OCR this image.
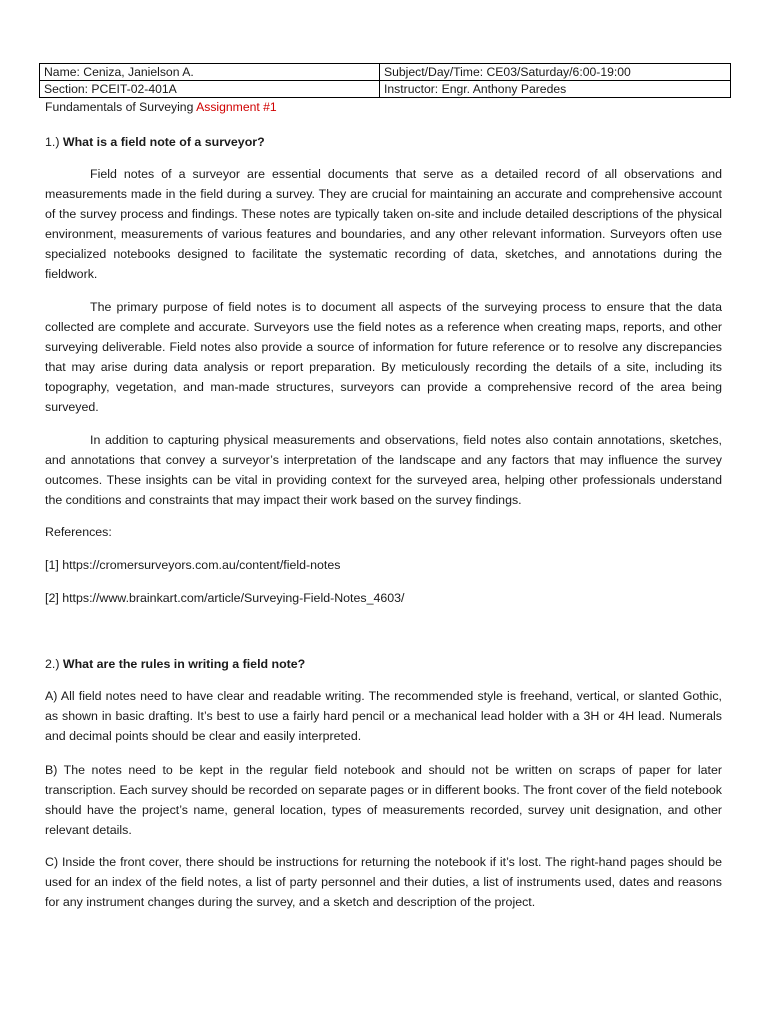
Name: Ceniza, Janielson A.	Subject/Day/Time: CE03/Saturday/6:00-19:00
Section: PCEIT-02-401A	Instructor: Engr. Anthony Paredes
Fundamentals of Surveying Assignment #1

1.) What is a field note of a surveyor?

Field notes of a surveyor are essential documents that serve as a detailed record of all observations and measurements made in the field during a survey. They are crucial for maintaining an accurate and comprehensive account of the survey process and findings. These notes are typically taken on-site and include detailed descriptions of the physical environment, measurements of various features and boundaries, and any other relevant information. Surveyors often use specialized notebooks designed to facilitate the systematic recording of data, sketches, and annotations during the fieldwork.

The primary purpose of field notes is to document all aspects of the surveying process to ensure that the data collected are complete and accurate. Surveyors use the field notes as a reference when creating maps, reports, and other surveying deliverable. Field notes also provide a source of information for future reference or to resolve any discrepancies that may arise during data analysis or report preparation. By meticulously recording the details of a site, including its topography, vegetation, and man-made structures, surveyors can provide a comprehensive record of the area being surveyed.

In addition to capturing physical measurements and observations, field notes also contain annotations, sketches, and annotations that convey a surveyor’s interpretation of the landscape and any factors that may influence the survey outcomes. These insights can be vital in providing context for the surveyed area, helping other professionals understand the conditions and constraints that may impact their work based on the survey findings.

References:

[1] https://cromersurveyors.com.au/content/field-notes

[2] https://www.brainkart.com/article/Surveying-Field-Notes_4603/

2.) What are the rules in writing a field note?

A) All field notes need to have clear and readable writing. The recommended style is freehand, vertical, or slanted Gothic, as shown in basic drafting. It’s best to use a fairly hard pencil or a mechanical lead holder with a 3H or 4H lead. Numerals and decimal points should be clear and easily interpreted.

B) The notes need to be kept in the regular field notebook and should not be written on scraps of paper for later transcription. Each survey should be recorded on separate pages or in different books. The front cover of the field notebook should have the project’s name, general location, types of measurements recorded, survey unit designation, and other relevant details.

C) Inside the front cover, there should be instructions for returning the notebook if it’s lost. The right-hand pages should be used for an index of the field notes, a list of party personnel and their duties, a list of instruments used, dates and reasons for any instrument changes during the survey, and a sketch and description of the project.
